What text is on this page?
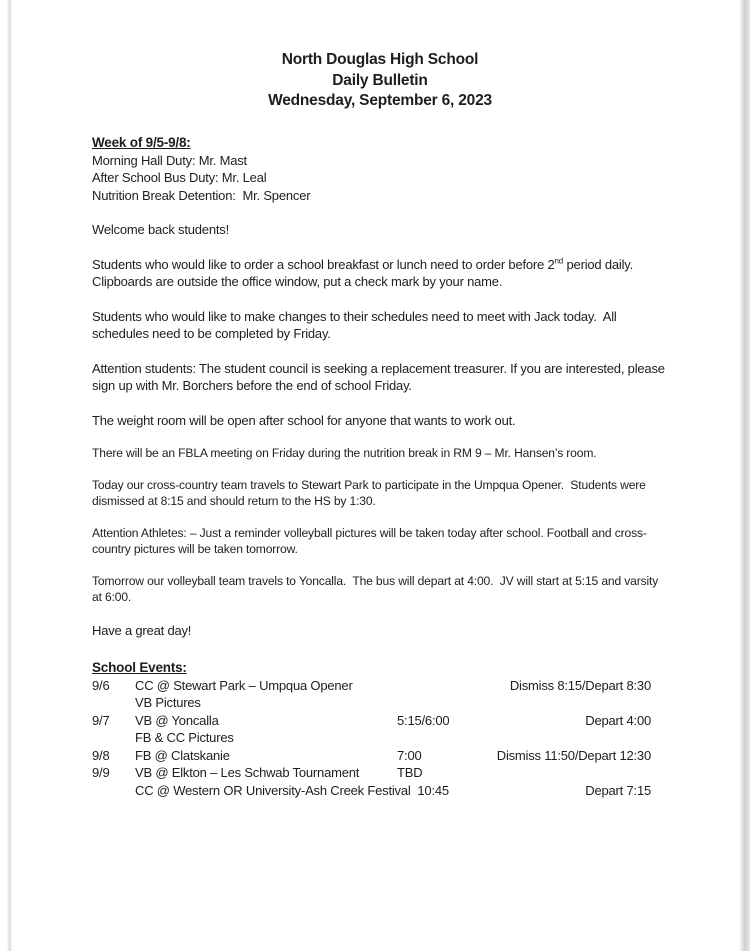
North Douglas High School
Daily Bulletin
Wednesday, September 6, 2023
Week of 9/5-9/8:
Morning Hall Duty: Mr. Mast
After School Bus Duty: Mr. Leal
Nutrition Break Detention:  Mr. Spencer

Welcome back students!

Students who would like to order a school breakfast or lunch need to order before 2nd period daily.  Clipboards are outside the office window, put a check mark by your name.

Students who would like to make changes to their schedules need to meet with Jack today.  All schedules need to be completed by Friday.

Attention students: The student council is seeking a replacement treasurer. If you are interested, please sign up with Mr. Borchers before the end of school Friday.

The weight room will be open after school for anyone that wants to work out.

There will be an FBLA meeting on Friday during the nutrition break in RM 9 – Mr. Hansen’s room.

Today our cross-country team travels to Stewart Park to participate in the Umpqua Opener.  Students were dismissed at 8:15 and should return to the HS by 1:30.

Attention Athletes: – Just a reminder volleyball pictures will be taken today after school. Football and cross-country pictures will be taken tomorrow.

Tomorrow our volleyball team travels to Yoncalla.  The bus will depart at 4:00.  JV will start at 5:15 and varsity at 6:00.

Have a great day!

School Events:
9/6	CC @ Stewart Park – Umpqua Opener	Dismiss 8:15/Depart 8:30
VB Pictures
9/7	VB @ Yoncalla	5:15/6:00	Depart 4:00
FB & CC Pictures
9/8	FB @ Clatskanie	7:00	Dismiss 11:50/Depart 12:30
9/9	VB @ Elkton – Les Schwab Tournament	TBD
CC @ Western OR University-Ash Creek Festival  10:45	Depart 7:15
